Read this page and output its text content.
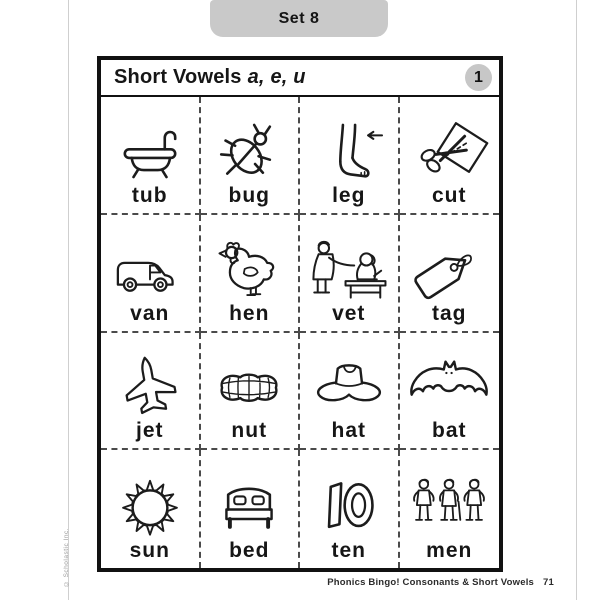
Set 8
Short Vowels a, e, u	1
tub	bug	leg	cut
van	hen	vet	tag
jet	nut	hat	bat
sun	bed	ten	men
Phonics Bingo! Consonants & Short Vowels 71
© Scholastic Inc.
